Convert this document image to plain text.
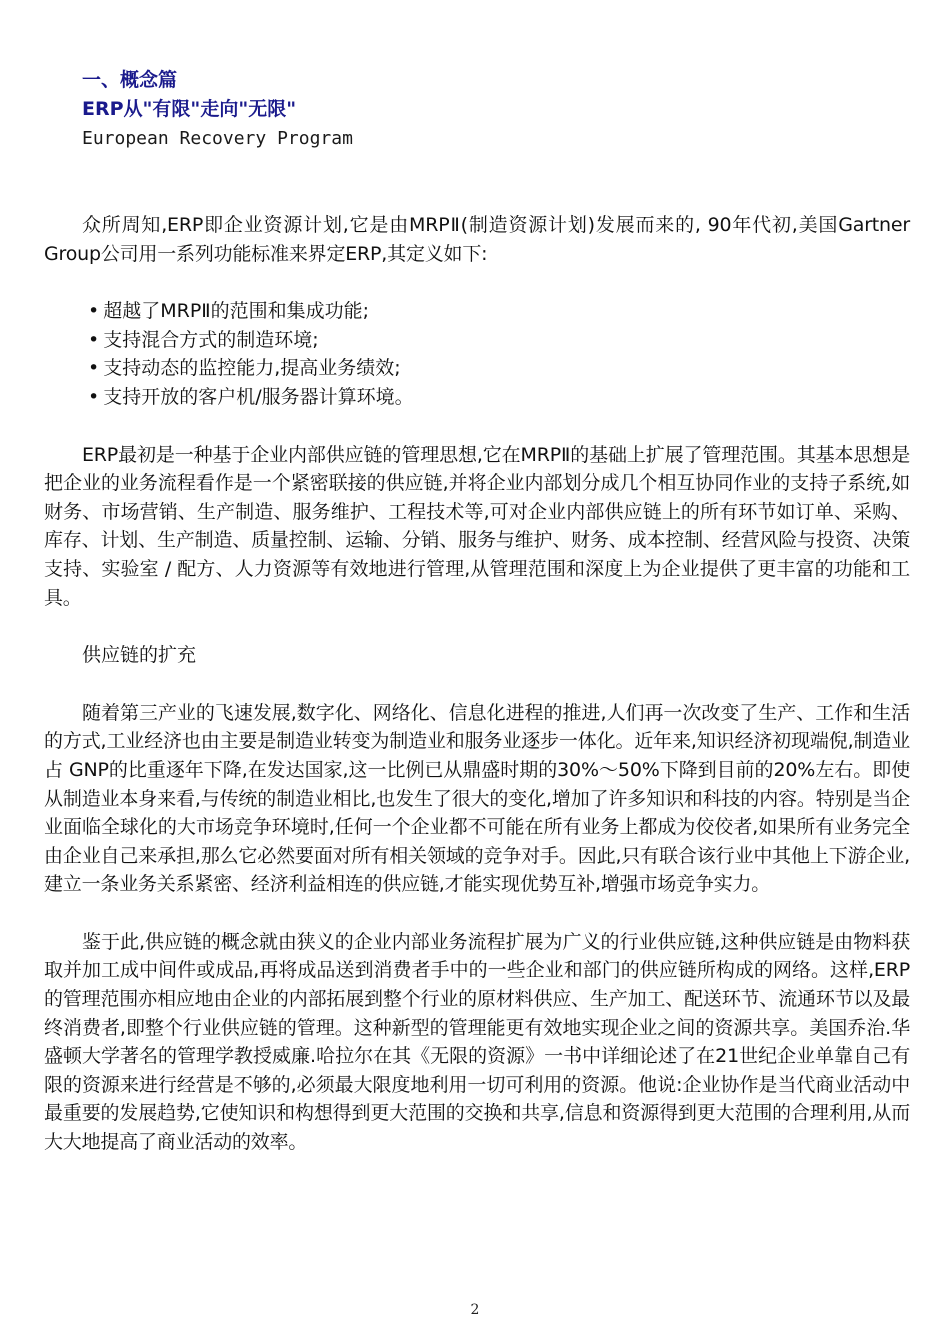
一、概念篇
ERP从"有限"走向"无限"
European Recovery Program

众所周知,ERP即企业资源计划,它是由MRPⅡ(制造资源计划)发展而来的, 90年代初,美国Gartner Group公司用一系列功能标准来界定ERP,其定义如下:

• 超越了MRPⅡ的范围和集成功能;
• 支持混合方式的制造环境;
• 支持动态的监控能力,提高业务绩效;
• 支持开放的客户机/服务器计算环境。

ERP最初是一种基于企业内部供应链的管理思想,它在MRPⅡ的基础上扩展了管理范围。其基本思想是把企业的业务流程看作是一个紧密联接的供应链,并将企业内部划分成几个相互协同作业的支持子系统,如财务、市场营销、生产制造、服务维护、工程技术等,可对企业内部供应链上的所有环节如订单、采购、库存、计划、生产制造、质量控制、运输、分销、服务与维护、财务、成本控制、经营风险与投资、决策支持、实验室 / 配方、人力资源等有效地进行管理,从管理范围和深度上为企业提供了更丰富的功能和工具。

供应链的扩充

随着第三产业的飞速发展,数字化、网络化、信息化进程的推进,人们再一次改变了生产、工作和生活的方式,工业经济也由主要是制造业转变为制造业和服务业逐步一体化。近年来,知识经济初现端倪,制造业占 GNP的比重逐年下降,在发达国家,这一比例已从鼎盛时期的30%～50%下降到目前的20%左右。即使从制造业本身来看,与传统的制造业相比,也发生了很大的变化,增加了许多知识和科技的内容。特别是当企业面临全球化的大市场竞争环境时,任何一个企业都不可能在所有业务上都成为佼佼者,如果所有业务完全由企业自己来承担,那么它必然要面对所有相关领域的竞争对手。因此,只有联合该行业中其他上下游企业,建立一条业务关系紧密、经济利益相连的供应链,才能实现优势互补,增强市场竞争实力。

鉴于此,供应链的概念就由狭义的企业内部业务流程扩展为广义的行业供应链,这种供应链是由物料获取并加工成中间件或成品,再将成品送到消费者手中的一些企业和部门的供应链所构成的网络。这样,ERP的管理范围亦相应地由企业的内部拓展到整个行业的原材料供应、生产加工、配送环节、流通环节以及最终消费者,即整个行业供应链的管理。这种新型的管理能更有效地实现企业之间的资源共享。美国乔治.华盛顿大学著名的管理学教授威廉.哈拉尔在其《无限的资源》一书中详细论述了在21世纪企业单靠自己有限的资源来进行经营是不够的,必须最大限度地利用一切可利用的资源。他说:企业协作是当代商业活动中最重要的发展趋势,它使知识和构想得到更大范围的交换和共享,信息和资源得到更大范围的合理利用,从而大大地提高了商业活动的效率。

2
